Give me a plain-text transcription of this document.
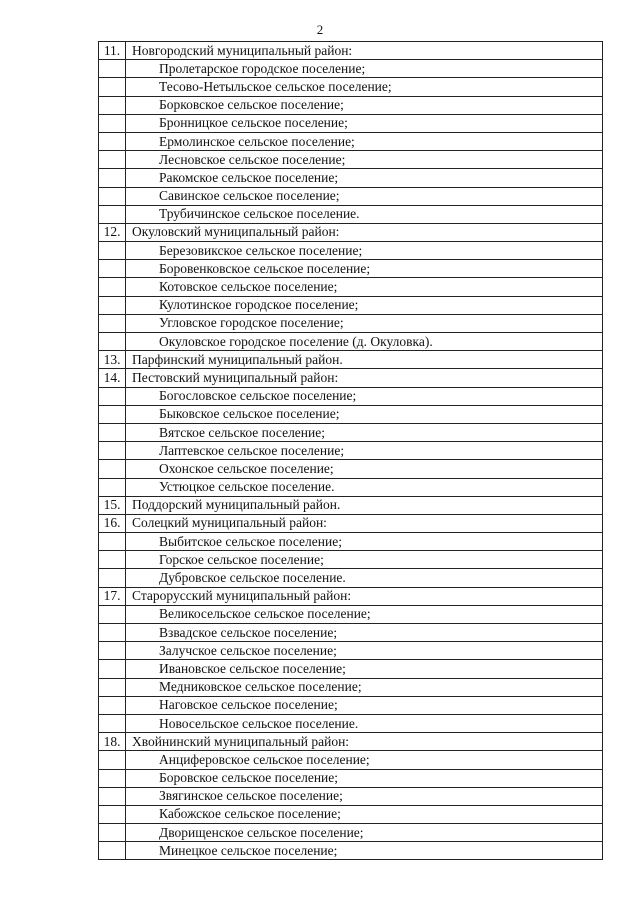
2
11.	Новгородский муниципальный район:
	Пролетарское городское поселение;
	Тесово-Нетыльское сельское поселение;
	Борковское сельское поселение;
	Бронницкое сельское поселение;
	Ермолинское сельское поселение;
	Лесновское сельское поселение;
	Ракомское сельское поселение;
	Савинское сельское поселение;
	Трубичинское сельское поселение.
12.	Окуловский муниципальный район:
	Березовикское сельское поселение;
	Боровенковское сельское поселение;
	Котовское сельское поселение;
	Кулотинское городское поселение;
	Угловское городское поселение;
	Окуловское городское поселение (д. Окуловка).
13.	Парфинский муниципальный район.
14.	Пестовский муниципальный район:
	Богословское сельское поселение;
	Быковское сельское поселение;
	Вятское сельское поселение;
	Лаптевское сельское поселение;
	Охонское сельское поселение;
	Устюцкое сельское поселение.
15.	Поддорский муниципальный район.
16.	Солецкий муниципальный район:
	Выбитское сельское поселение;
	Горское сельское поселение;
	Дубровское сельское поселение.
17.	Старорусский муниципальный район:
	Великосельское сельское поселение;
	Взвадское сельское поселение;
	Залучское сельское поселение;
	Ивановское сельское поселение;
	Медниковское сельское поселение;
	Наговское сельское поселение;
	Новосельское сельское поселение.
18.	Хвойнинский муниципальный район:
	Анциферовское сельское поселение;
	Боровское сельское поселение;
	Звягинское сельское поселение;
	Кабожское сельское поселение;
	Дворищенское сельское поселение;
	Минецкое сельское поселение;
